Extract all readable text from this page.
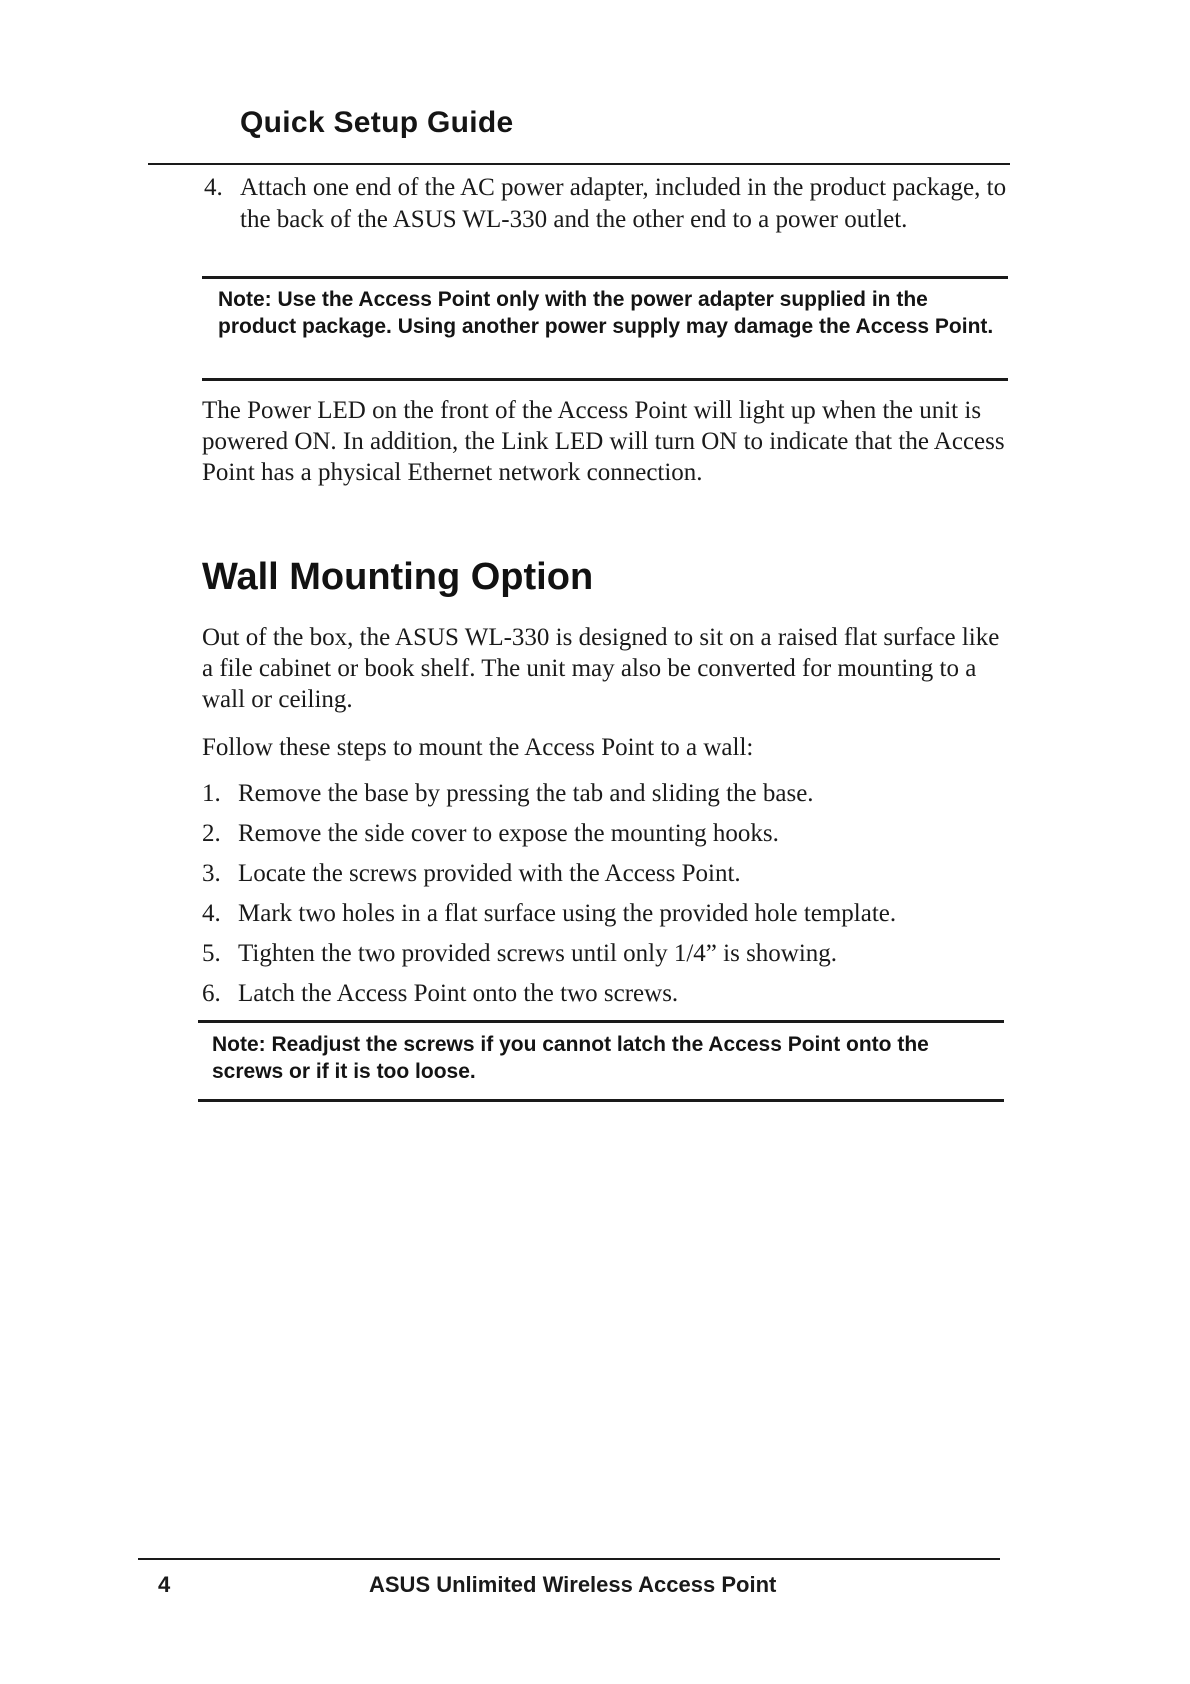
Quick Setup Guide
4. Attach one end of the AC power adapter, included in the product package, to the back of the ASUS WL-330 and the other end to a power outlet.
Note: Use the Access Point only with the power adapter supplied in the product package. Using another power supply may damage the Access Point.
The Power LED on the front of the Access Point will light up when the unit is powered ON. In addition, the Link LED will turn ON to indicate that the Access Point has a physical Ethernet network connection.
Wall Mounting Option
Out of the box, the ASUS WL-330 is designed to sit on a raised flat surface like a file cabinet or book shelf. The unit may also be converted for mounting to a wall or ceiling.
Follow these steps to mount the Access Point to a wall:
1. Remove the base by pressing the tab and sliding the base.
2. Remove the side cover to expose the mounting hooks.
3. Locate the screws provided with the Access Point.
4. Mark two holes in a flat surface using the provided hole template.
5. Tighten the two provided screws until only 1/4” is showing.
6. Latch the Access Point onto the two screws.
Note: Readjust the screws if you cannot latch the Access Point onto the screws or if it is too loose.
4	ASUS Unlimited Wireless Access Point
